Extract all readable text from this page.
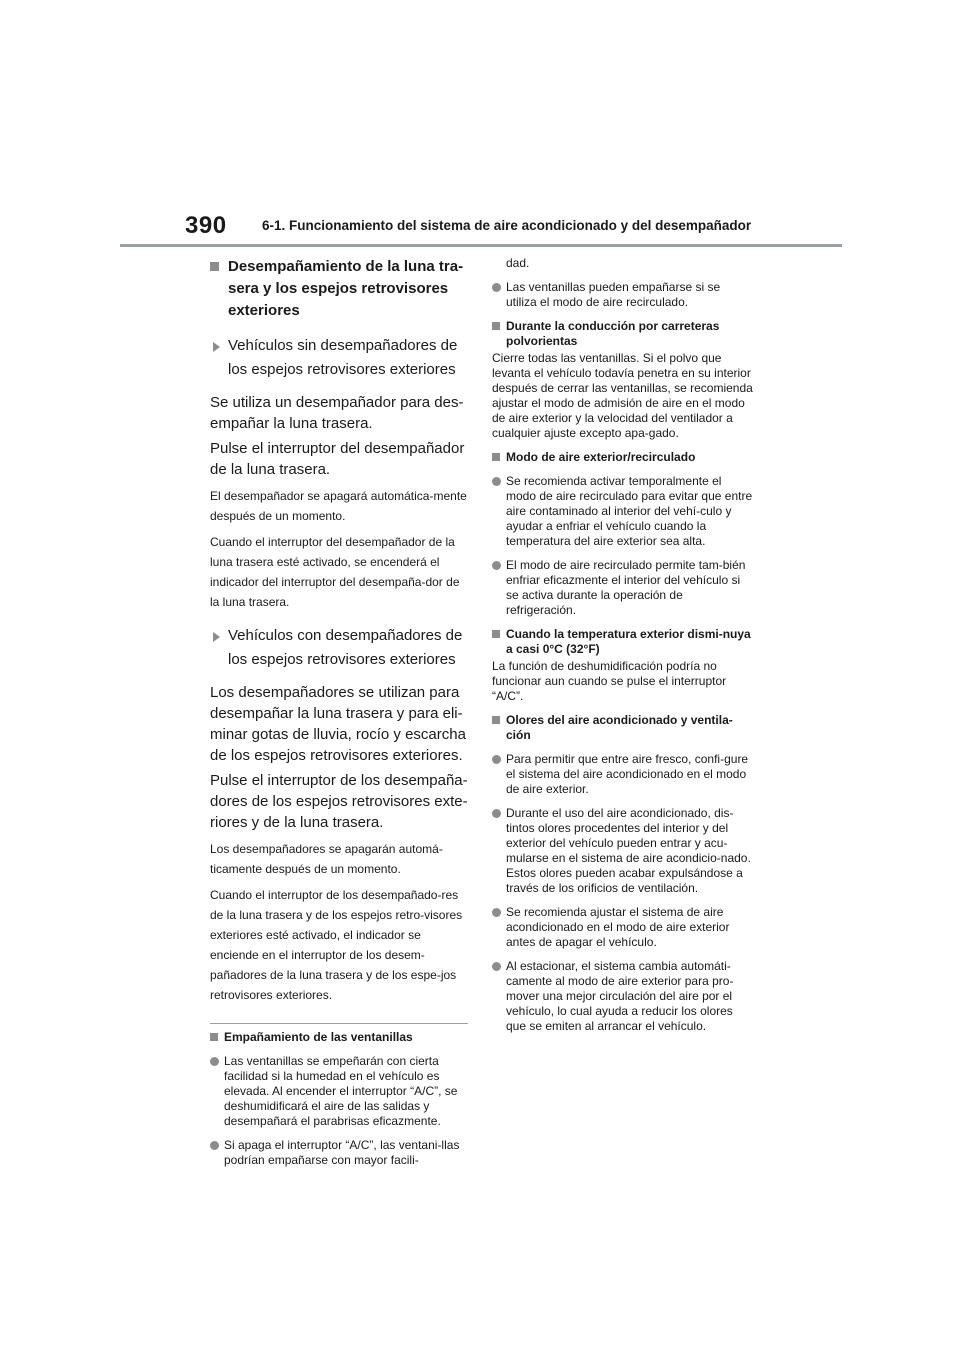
390	6-1. Funcionamiento del sistema de aire acondicionado y del desempañador
Desempañamiento de la luna tra-sera y los espejos retrovisores exteriores
Vehículos sin desempañadores de los espejos retrovisores exteriores
Se utiliza un desempañador para des-empañar la luna trasera.
Pulse el interruptor del desempañador de la luna trasera.
El desempañador se apagará automática-mente después de un momento.
Cuando el interruptor del desempañador de la luna trasera esté activado, se encenderá el indicador del interruptor del desempaña-dor de la luna trasera.
Vehículos con desempañadores de los espejos retrovisores exteriores
Los desempañadores se utilizan para desempañar la luna trasera y para eli-minar gotas de lluvia, rocío y escarcha de los espejos retrovisores exteriores.
Pulse el interruptor de los desempaña-dores de los espejos retrovisores exte-riores y de la luna trasera.
Los desempañadores se apagarán automá-ticamente después de un momento.
Cuando el interruptor de los desempañado-res de la luna trasera y de los espejos retro-visores exteriores esté activado, el indicador se enciende en el interruptor de los desem-pañadores de la luna trasera y de los espe-jos retrovisores exteriores.
Empañamiento de las ventanillas
Las ventanillas se empeñarán con cierta facilidad si la humedad en el vehículo es elevada. Al encender el interruptor “A/C”, se deshumidificará el aire de las salidas y desempañará el parabrisas eficazmente.
Si apaga el interruptor “A/C”, las ventani-llas podrían empañarse con mayor facili-
dad.
Las ventanillas pueden empañarse si se utiliza el modo de aire recirculado.
Durante la conducción por carreteras polvorientas
Cierre todas las ventanillas. Si el polvo que levanta el vehículo todavía penetra en su interior después de cerrar las ventanillas, se recomienda ajustar el modo de admisión de aire en el modo de aire exterior y la velocidad del ventilador a cualquier ajuste excepto apa-gado.
Modo de aire exterior/recirculado
Se recomienda activar temporalmente el modo de aire recirculado para evitar que entre aire contaminado al interior del vehí-culo y ayudar a enfriar el vehículo cuando la temperatura del aire exterior sea alta.
El modo de aire recirculado permite tam-bién enfriar eficazmente el interior del vehículo si se activa durante la operación de refrigeración.
Cuando la temperatura exterior dismi-nuya a casi 0°C (32°F)
La función de deshumidificación podría no funcionar aun cuando se pulse el interruptor “A/C”.
Olores del aire acondicionado y ventila-ción
Para permitir que entre aire fresco, confi-gure el sistema del aire acondicionado en el modo de aire exterior.
Durante el uso del aire acondicionado, dis-tintos olores procedentes del interior y del exterior del vehículo pueden entrar y acu-mularse en el sistema de aire acondicio-nado. Estos olores pueden acabar expulsándose a través de los orificios de ventilación.
Se recomienda ajustar el sistema de aire acondicionado en el modo de aire exterior antes de apagar el vehículo.
Al estacionar, el sistema cambia automáti-camente al modo de aire exterior para pro-mover una mejor circulación del aire por el vehículo, lo cual ayuda a reducir los olores que se emiten al arrancar el vehículo.
